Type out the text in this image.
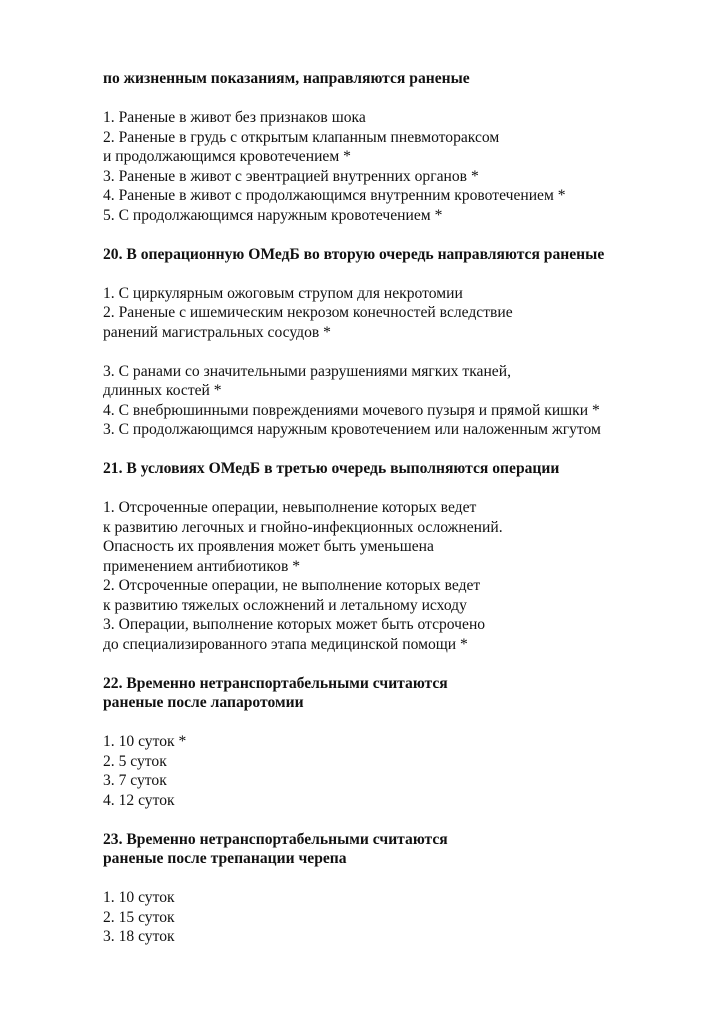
по жизненным показаниям, направляются раненые
1. Раненые в живот без признаков шока
2. Раненые в грудь с открытым клапанным пневмотораксом
и продолжающимся кровотечением *
3. Раненые в живот с эвентрацией внутренних органов *
4. Раненые в живот с продолжающимся внутренним кровотечением *
5. С продолжающимся наружным кровотечением *
20. В операционную ОМедБ во вторую очередь направляются раненые
1. С циркулярным ожоговым струпом для некротомии
2. Раненые с ишемическим некрозом конечностей вследствие
ранений магистральных сосудов *
3. С ранами со значительными разрушениями мягких тканей,
длинных костей *
4. С внебрюшинными повреждениями мочевого пузыря и прямой кишки *
3. С продолжающимся наружным кровотечением или наложенным жгутом
21. В условиях ОМедБ в третью очередь выполняются операции
1. Отсроченные операции, невыполнение которых ведет
к развитию легочных и гнойно-инфекционных осложнений.
Опасность их проявления может быть уменьшена
применением антибиотиков *
2. Отсроченные операции, не выполнение которых ведет
к развитию тяжелых осложнений и летальному исходу
3. Операции, выполнение которых может быть отсрочено
до специализированного этапа медицинской помощи *
22. Временно нетранспортабельными считаются
раненые после лапаротомии
1. 10 суток *
2. 5 суток
3. 7 суток
4. 12 суток
23. Временно нетранспортабельными считаются
раненые после трепанации черепа
1. 10 суток
2. 15 суток
3. 18 суток
